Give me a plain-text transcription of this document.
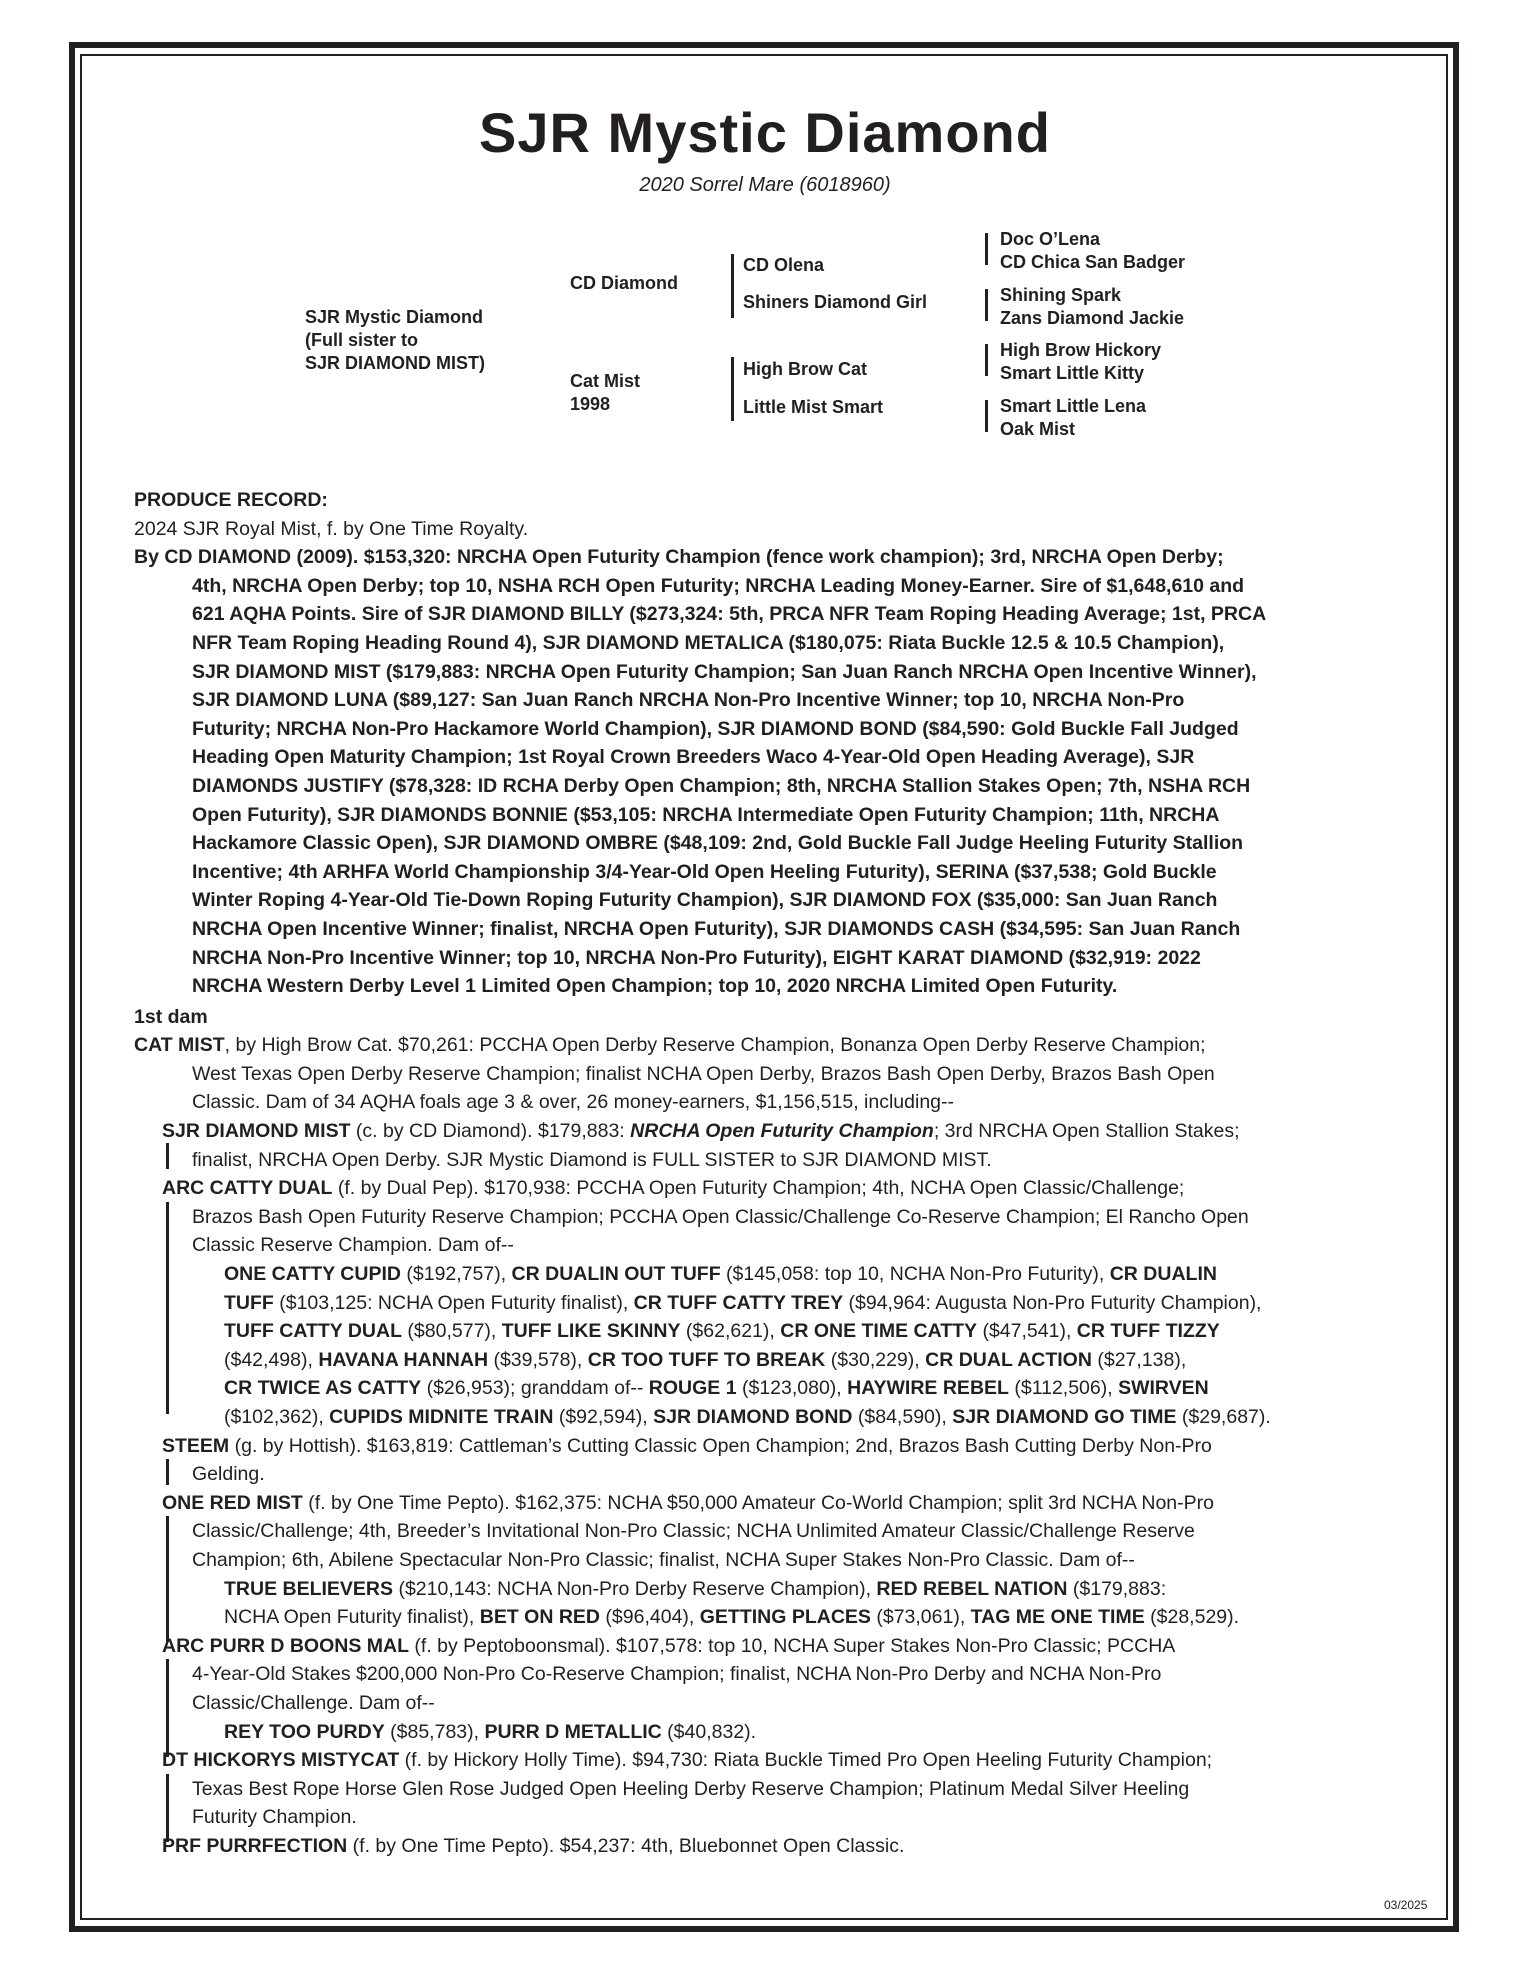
SJR Mystic Diamond
2020 Sorrel Mare (6018960)
SJR Mystic Diamond
(Full sister to
SJR DIAMOND MIST)
CD Diamond
Cat Mist
1998
CD Olena
Shiners Diamond Girl
High Brow Cat
Little Mist Smart
Doc O’Lena
CD Chica San Badger
Shining Spark
Zans Diamond Jackie
High Brow Hickory
Smart Little Kitty
Smart Little Lena
Oak Mist
PRODUCE RECORD:
2024 SJR Royal Mist, f. by One Time Royalty.
By CD DIAMOND (2009). $153,320: NRCHA Open Futurity Champion (fence work champion); 3rd, NRCHA Open Derby;
4th, NRCHA Open Derby; top 10, NSHA RCH Open Futurity; NRCHA Leading Money-Earner. Sire of $1,648,610 and
621 AQHA Points. Sire of SJR DIAMOND BILLY ($273,324: 5th, PRCA NFR Team Roping Heading Average; 1st, PRCA
NFR Team Roping Heading Round 4), SJR DIAMOND METALICA ($180,075: Riata Buckle 12.5 & 10.5 Champion),
SJR DIAMOND MIST ($179,883: NRCHA Open Futurity Champion; San Juan Ranch NRCHA Open Incentive Winner),
SJR DIAMOND LUNA ($89,127: San Juan Ranch NRCHA Non-Pro Incentive Winner; top 10, NRCHA Non-Pro
Futurity; NRCHA Non-Pro Hackamore World Champion), SJR DIAMOND BOND ($84,590: Gold Buckle Fall Judged
Heading Open Maturity Champion; 1st Royal Crown Breeders Waco 4-Year-Old Open Heading Average), SJR
DIAMONDS JUSTIFY ($78,328: ID RCHA Derby Open Champion; 8th, NRCHA Stallion Stakes Open; 7th, NSHA RCH
Open Futurity), SJR DIAMONDS BONNIE ($53,105: NRCHA Intermediate Open Futurity Champion; 11th, NRCHA
Hackamore Classic Open), SJR DIAMOND OMBRE ($48,109: 2nd, Gold Buckle Fall Judge Heeling Futurity Stallion
Incentive; 4th ARHFA World Championship 3/4-Year-Old Open Heeling Futurity), SERINA ($37,538; Gold Buckle
Winter Roping 4-Year-Old Tie-Down Roping Futurity Champion), SJR DIAMOND FOX ($35,000: San Juan Ranch
NRCHA Open Incentive Winner; finalist, NRCHA Open Futurity), SJR DIAMONDS CASH ($34,595: San Juan Ranch
NRCHA Non-Pro Incentive Winner; top 10, NRCHA Non-Pro Futurity), EIGHT KARAT DIAMOND ($32,919: 2022
NRCHA Western Derby Level 1 Limited Open Champion; top 10, 2020 NRCHA Limited Open Futurity.
1st dam
CAT MIST, by High Brow Cat. $70,261: PCCHA Open Derby Reserve Champion, Bonanza Open Derby Reserve Champion;
West Texas Open Derby Reserve Champion; finalist NCHA Open Derby, Brazos Bash Open Derby, Brazos Bash Open
Classic. Dam of 34 AQHA foals age 3 & over, 26 money-earners, $1,156,515, including--
SJR DIAMOND MIST (c. by CD Diamond). $179,883: NRCHA Open Futurity Champion; 3rd NRCHA Open Stallion Stakes;
finalist, NRCHA Open Derby. SJR Mystic Diamond is FULL SISTER to SJR DIAMOND MIST.
ARC CATTY DUAL (f. by Dual Pep). $170,938: PCCHA Open Futurity Champion; 4th, NCHA Open Classic/Challenge;
Brazos Bash Open Futurity Reserve Champion; PCCHA Open Classic/Challenge Co-Reserve Champion; El Rancho Open
Classic Reserve Champion. Dam of--
ONE CATTY CUPID ($192,757), CR DUALIN OUT TUFF ($145,058: top 10, NCHA Non-Pro Futurity), CR DUALIN
TUFF ($103,125: NCHA Open Futurity finalist), CR TUFF CATTY TREY ($94,964: Augusta Non-Pro Futurity Champion),
TUFF CATTY DUAL ($80,577), TUFF LIKE SKINNY ($62,621), CR ONE TIME CATTY ($47,541), CR TUFF TIZZY
($42,498), HAVANA HANNAH ($39,578), CR TOO TUFF TO BREAK ($30,229), CR DUAL ACTION ($27,138),
CR TWICE AS CATTY ($26,953); granddam of-- ROUGE 1 ($123,080), HAYWIRE REBEL ($112,506), SWIRVEN
($102,362), CUPIDS MIDNITE TRAIN ($92,594), SJR DIAMOND BOND ($84,590), SJR DIAMOND GO TIME ($29,687).
STEEM (g. by Hottish). $163,819: Cattleman’s Cutting Classic Open Champion; 2nd, Brazos Bash Cutting Derby Non-Pro
Gelding.
ONE RED MIST (f. by One Time Pepto). $162,375: NCHA $50,000 Amateur Co-World Champion; split 3rd NCHA Non-Pro
Classic/Challenge; 4th, Breeder’s Invitational Non-Pro Classic; NCHA Unlimited Amateur Classic/Challenge Reserve
Champion; 6th, Abilene Spectacular Non-Pro Classic; finalist, NCHA Super Stakes Non-Pro Classic. Dam of--
TRUE BELIEVERS ($210,143: NCHA Non-Pro Derby Reserve Champion), RED REBEL NATION ($179,883:
NCHA Open Futurity finalist), BET ON RED ($96,404), GETTING PLACES ($73,061), TAG ME ONE TIME ($28,529).
ARC PURR D BOONS MAL (f. by Peptoboonsmal). $107,578: top 10, NCHA Super Stakes Non-Pro Classic; PCCHA
4-Year-Old Stakes $200,000 Non-Pro Co-Reserve Champion; finalist, NCHA Non-Pro Derby and NCHA Non-Pro
Classic/Challenge. Dam of--
REY TOO PURDY ($85,783), PURR D METALLIC ($40,832).
DT HICKORYS MISTYCAT (f. by Hickory Holly Time). $94,730: Riata Buckle Timed Pro Open Heeling Futurity Champion;
Texas Best Rope Horse Glen Rose Judged Open Heeling Derby Reserve Champion; Platinum Medal Silver Heeling
Futurity Champion.
PRF PURRFECTION (f. by One Time Pepto). $54,237: 4th, Bluebonnet Open Classic.
03/2025
